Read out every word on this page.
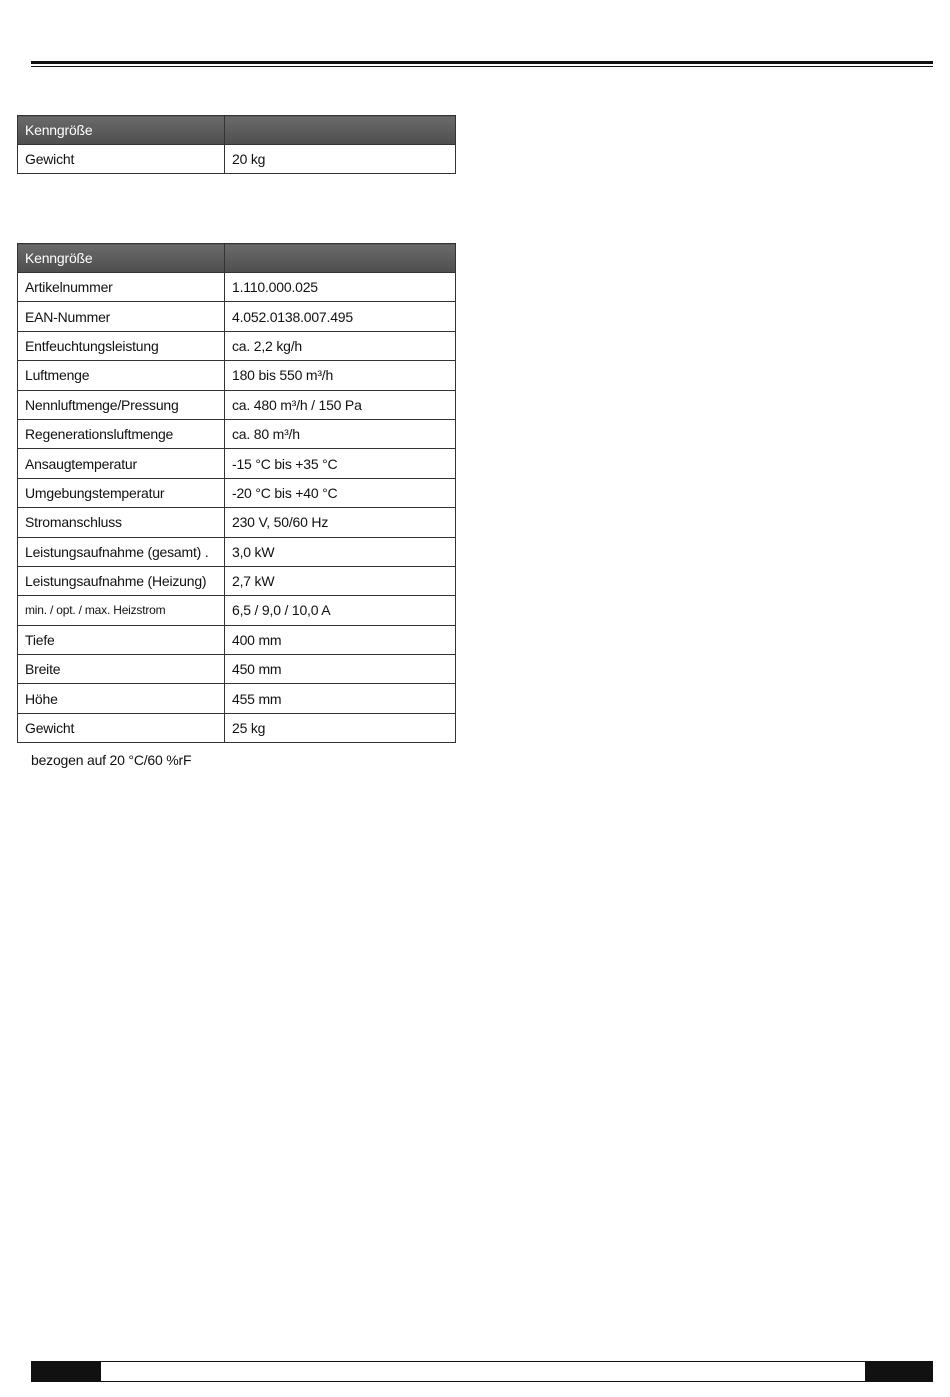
Kenngröße	
Gewicht	20 kg
Kenngröße	
Artikelnummer	1.110.000.025
EAN-Nummer	4.052.0138.007.495
Entfeuchtungsleistung	ca. 2,2 kg/h
Luftmenge	180 bis 550 m³/h
Nennluftmenge/Pressung	ca. 480 m³/h / 150 Pa
Regenerationsluftmenge	ca. 80 m³/h
Ansaugtemperatur	-15 °C bis +35 °C
Umgebungstemperatur	-20 °C bis +40 °C
Stromanschluss	230 V, 50/60 Hz
Leistungsaufnahme (gesamt) .	3,0 kW
Leistungsaufnahme (Heizung)	2,7 kW
min. / opt. / max. Heizstrom	6,5 / 9,0 / 10,0 A
Tiefe	400 mm
Breite	450 mm
Höhe	455 mm
Gewicht	25 kg
bezogen auf 20 °C/60 %rF
